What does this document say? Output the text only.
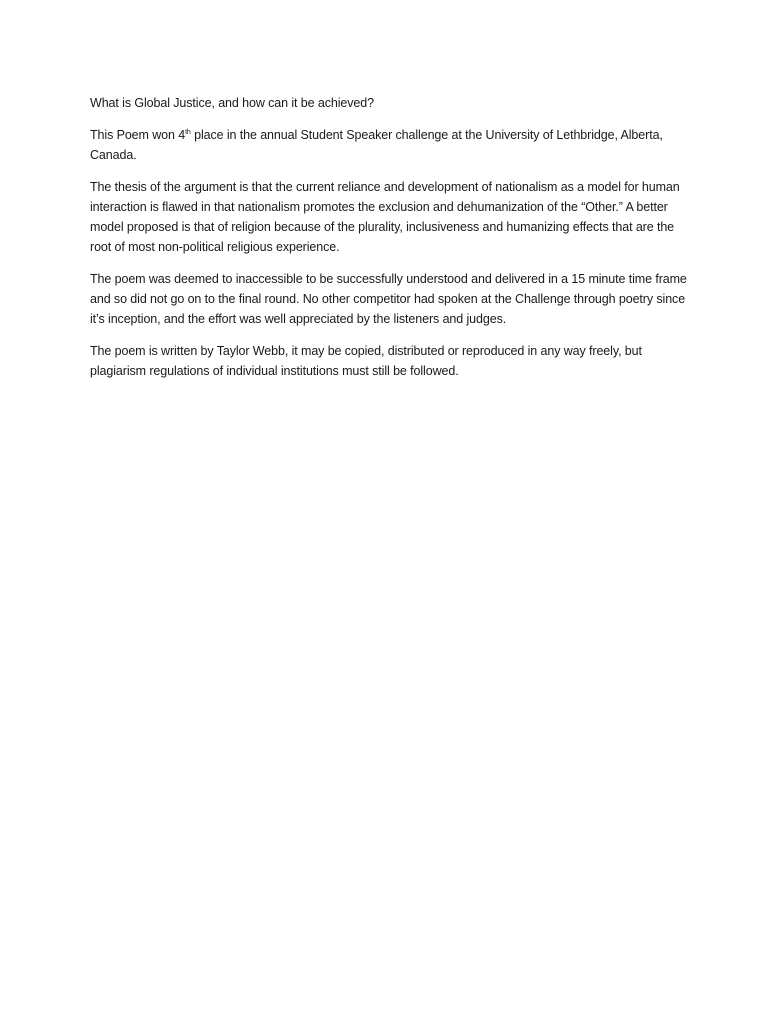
What is Global Justice, and how can it be achieved?

This Poem won 4th place in the annual Student Speaker challenge at the University of Lethbridge, Alberta, Canada.

The thesis of the argument is that the current reliance and development of nationalism as a model for human interaction is flawed in that nationalism promotes the exclusion and dehumanization of the “Other.” A better model proposed is that of religion because of the plurality, inclusiveness and humanizing effects that are the root of most non-political religious experience.

The poem was deemed to inaccessible to be successfully understood and delivered in a 15 minute time frame and so did not go on to the final round. No other competitor had spoken at the Challenge through poetry since it’s inception, and the effort was well appreciated by the listeners and judges.

The poem is written by Taylor Webb, it may be copied, distributed or reproduced in any way freely, but plagiarism regulations of individual institutions must still be followed.
